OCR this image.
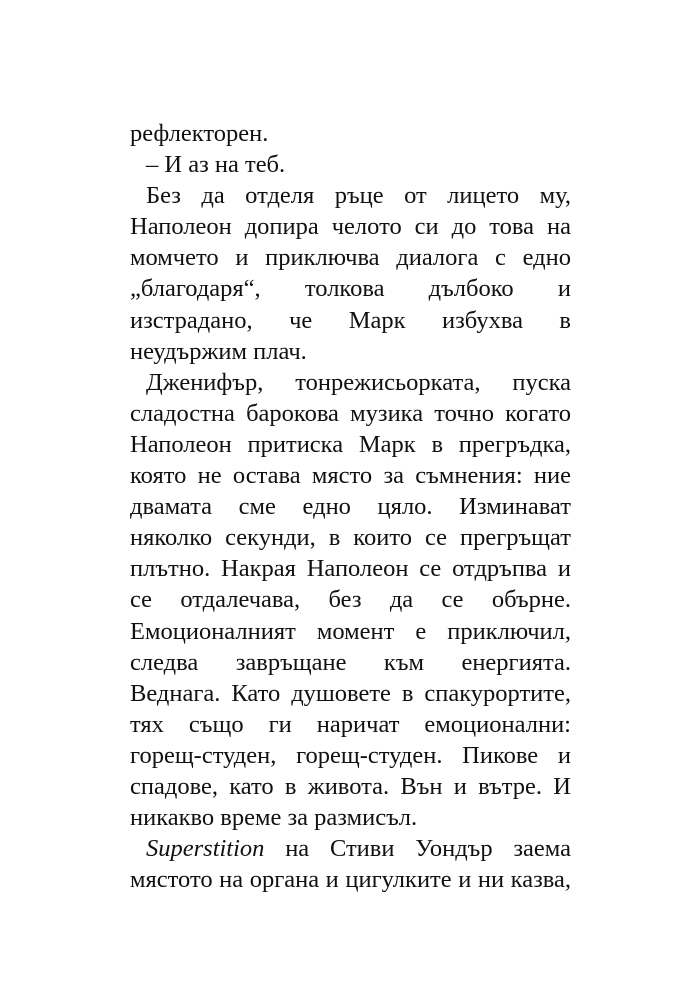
рефлекторен.
– И аз на теб.
Без да отделя ръце от лицето му,
Наполеон допира челото си до това на
момчето и приключва диалога с едно
„благодаря“, толкова дълбоко и
изстрадано, че Марк избухва в
неудържим плач.
Дженифър, тонрежисьорката, пуска
сладостна барокова музика точно когато
Наполеон притиска Марк в прегръдка,
която не остава място за съмнения: ние
двамата сме едно цяло. Изминават
няколко секунди, в които се прегръщат
плътно. Накрая Наполеон се отдръпва и
се отдалечава, без да се обърне.
Емоционалният момент е приключил,
следва завръщане към енергията.
Веднага. Като душовете в спакурортите,
тях също ги наричат емоционални:
горещ-студен, горещ-студен. Пикове и
спадове, като в живота. Вън и вътре. И
никакво време за размисъл.
Superstition на Стиви Уондър заема
мястото на органа и цигулките и ни казва,
